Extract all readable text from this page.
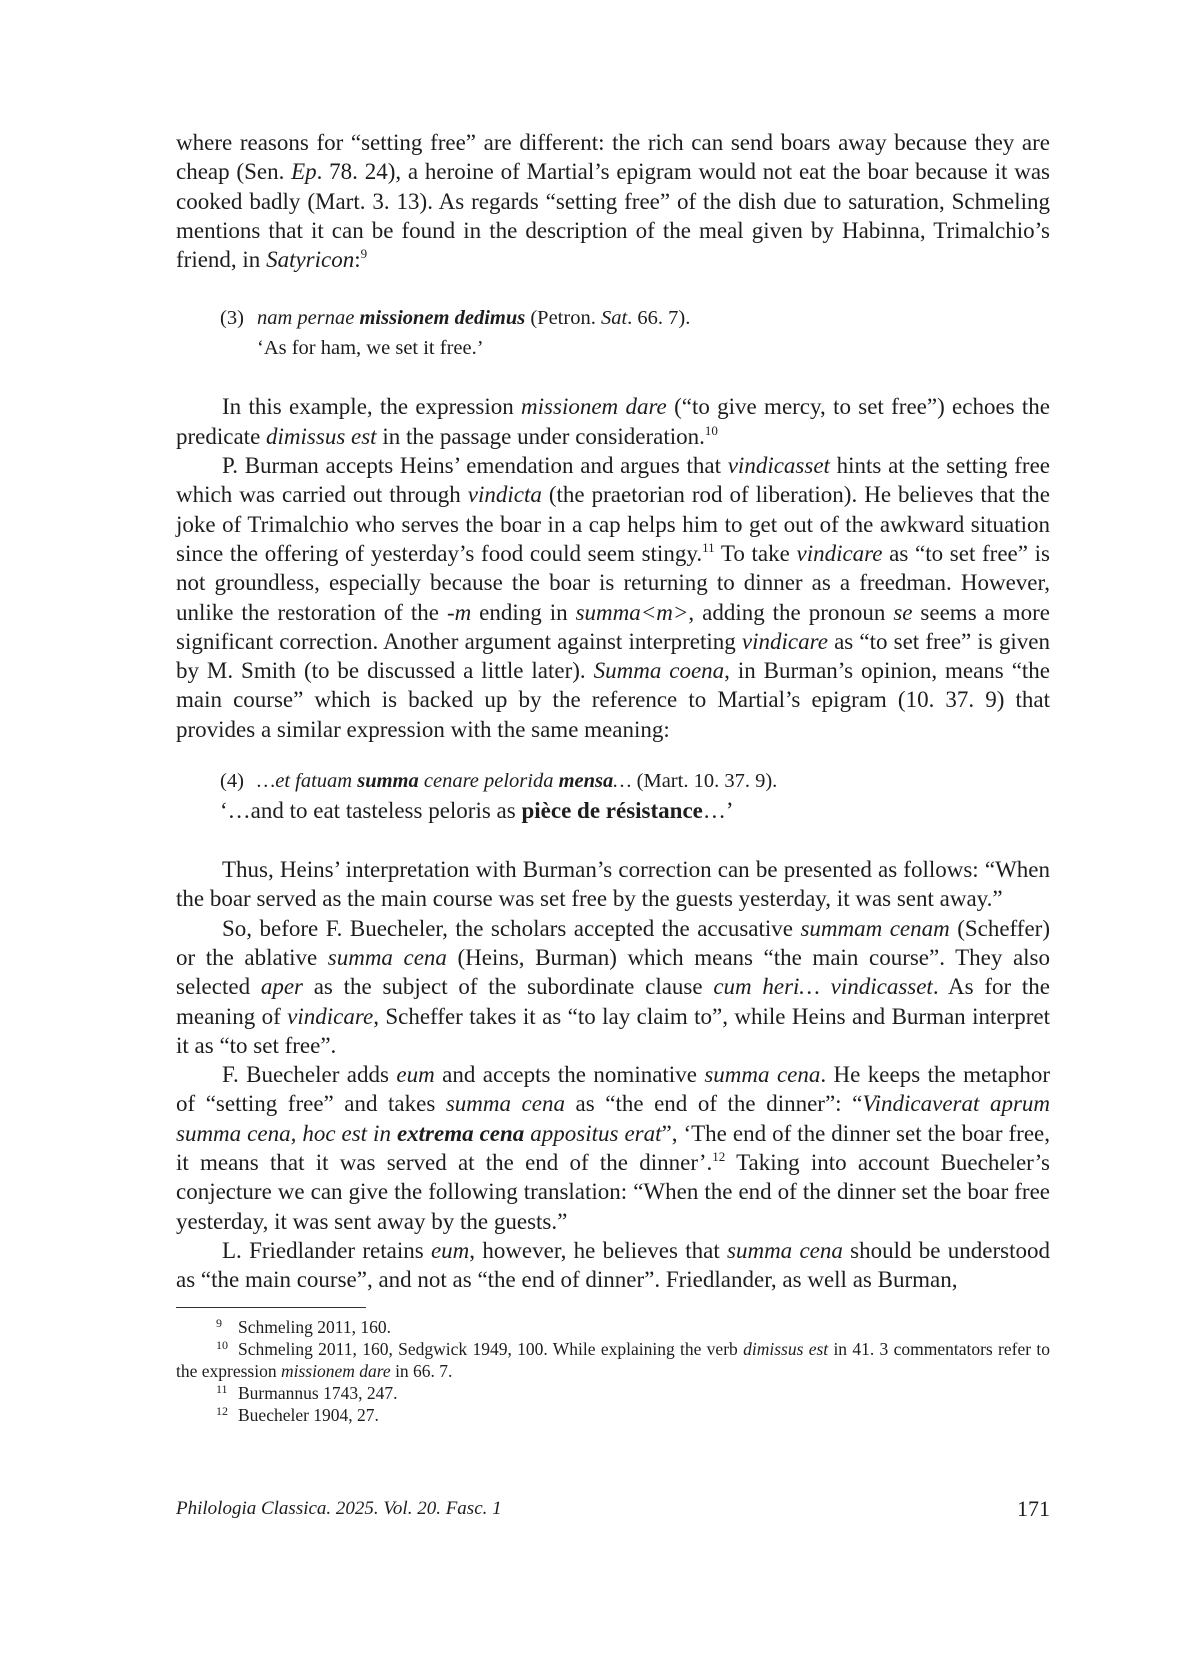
where reasons for “setting free” are different: the rich can send boars away because they are cheap (Sen. Ep. 78. 24), a heroine of Martial’s epigram would not eat the boar because it was cooked badly (Mart. 3. 13). As regards “setting free” of the dish due to saturation, Schmeling mentions that it can be found in the description of the meal given by Habinna, Trimalchio’s friend, in Satyricon:$^9$

(3) nam pernae missionem dedimus (Petron. Sat. 66. 7).
‘As for ham, we set it free.’

In this example, the expression missionem dare (“to give mercy, to set free”) echoes the predicate dimissus est in the passage under consideration.$^{10}$

P. Burman accepts Heins’ emendation and argues that vindicasset hints at the setting free which was carried out through vindicta (the praetorian rod of liberation). He believes that the joke of Trimalchio who serves the boar in a cap helps him to get out of the awkward situation since the offering of yesterday’s food could seem stingy.$^{11}$ To take vindicare as “to set free” is not groundless, especially because the boar is returning to dinner as a freedman. However, unlike the restoration of the -m ending in summa<m>, adding the pronoun se seems a more significant correction. Another argument against interpreting vindicare as “to set free” is given by M. Smith (to be discussed a little later). Summa coena, in Burman’s opinion, means “the main course” which is backed up by the reference to Martial’s epigram (10. 37. 9) that provides a similar expression with the same meaning:

(4) …et fatuam summa cenare pelorida mensa… (Mart. 10. 37. 9).

‘…and to eat tasteless peloris as pièce de résistance…’

Thus, Heins’ interpretation with Burman’s correction can be presented as follows: “When the boar served as the main course was set free by the guests yesterday, it was sent away.”

So, before F. Buecheler, the scholars accepted the accusative summam cenam (Scheffer) or the ablative summa cena (Heins, Burman) which means “the main course”. They also selected aper as the subject of the subordinate clause cum heri… vindicasset. As for the meaning of vindicare, Scheffer takes it as “to lay claim to”, while Heins and Burman interpret it as “to set free”.

F. Buecheler adds eum and accepts the nominative summa cena. He keeps the metaphor of “setting free” and takes summa cena as “the end of the dinner”: “Vindicaverat aprum summa cena, hoc est in extrema cena appositus erat”, ‘The end of the dinner set the boar free, it means that it was served at the end of the dinner’.$^{12}$ Taking into account Buecheler’s conjecture we can give the following translation: “When the end of the dinner set the boar free yesterday, it was sent away by the guests.”

L. Friedlander retains eum, however, he believes that summa cena should be understood as “the main course”, and not as “the end of dinner”. Friedlander, as well as Burman,

9 Schmeling 2011, 160.

10 Schmeling 2011, 160, Sedgwick 1949, 100. While explaining the verb dimissus est in 41. 3 commentators refer to the expression missionem dare in 66. 7.

11 Burmannus 1743, 247.

12 Buecheler 1904, 27.

Philologia Classica. 2025. Vol. 20. Fasc. 1	171
